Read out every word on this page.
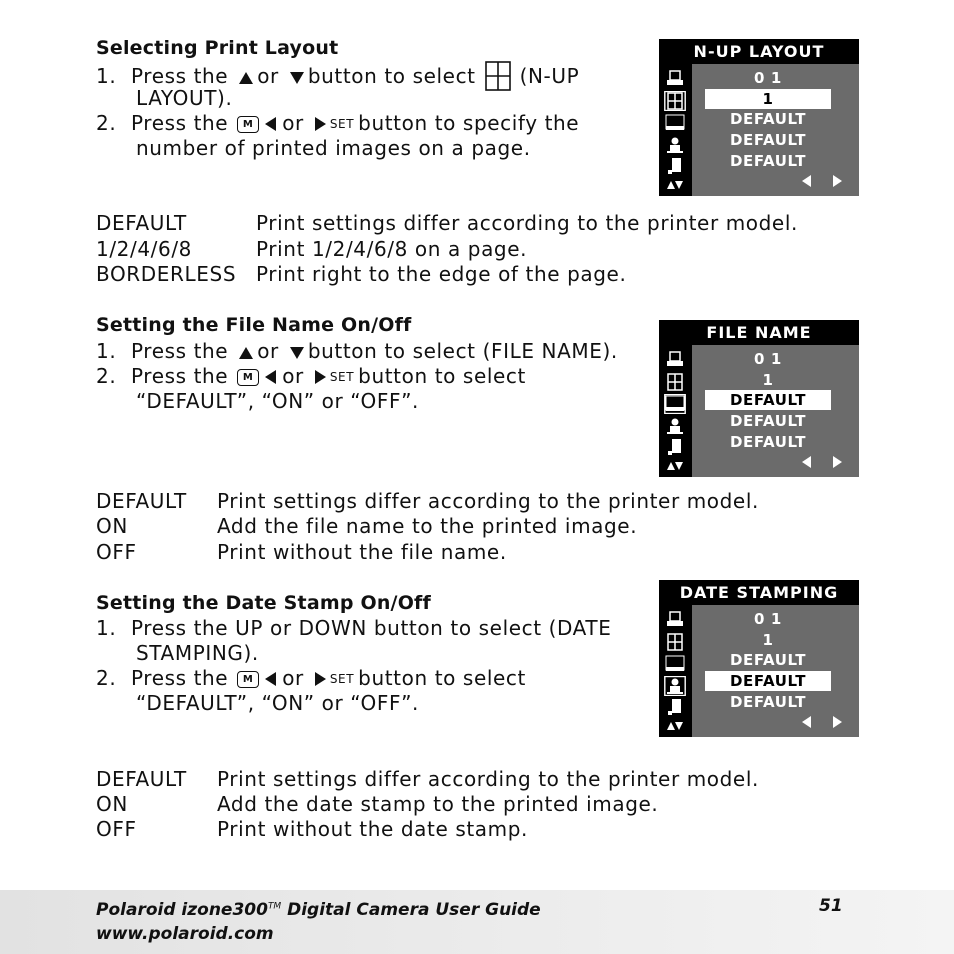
Selecting Print Layout
1. Press the or button to select (N-UP
LAYOUT).
2. Press the M or SET button to specify the
number of printed images on a page.
DEFAULT	Print settings differ according to the printer model.
1/2/4/6/8	Print 1/2/4/6/8 on a page.
BORDERLESS Print right to the edge of the page.
N-UP LAYOUT
0 1
1
DEFAULT
DEFAULT
DEFAULT
Setting the File Name On/Off
1. Press the or button to select (FILE NAME).
2. Press the M or SET button to select
“DEFAULT”, “ON” or “OFF”.
DEFAULT Print settings differ according to the printer model.
ON	Add the file name to the printed image.
OFF	Print without the file name.
FILE NAME
0 1
1
DEFAULT
DEFAULT
DEFAULT
Setting the Date Stamp On/Off
1. Press the UP or DOWN button to select (DATE
STAMPING).
2. Press the M or SET button to select
“DEFAULT”, “ON” or “OFF”.
DEFAULT Print settings differ according to the printer model.
ON	Add the date stamp to the printed image.
OFF	Print without the date stamp.
DATE STAMPING
0 1
1
DEFAULT
DEFAULT
DEFAULT
Polaroid izone300™ Digital Camera User Guide
www.polaroid.com
51
